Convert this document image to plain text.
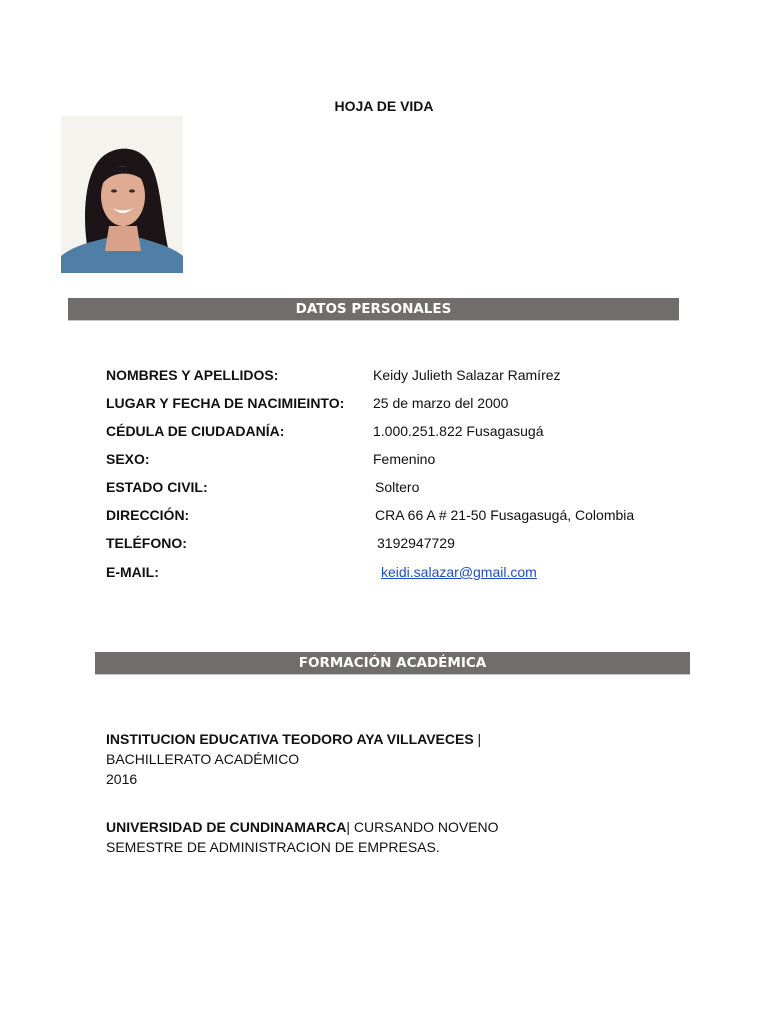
HOJA DE VIDA
DATOS PERSONALES
NOMBRES Y APELLIDOS:	Keidy Julieth Salazar Ramírez
LUGAR Y FECHA DE NACIMIEINTO: 25 de marzo del 2000
CÉDULA DE CIUDADANÍA:	1.000.251.822 Fusagasugá
SEXO:	Femenino
ESTADO CIVIL:	Soltero
DIRECCIÓN:	CRA 66 A # 21-50 Fusagasugá, Colombia
TELÉFONO:	3192947729
E-MAIL:	keidi.salazar@gmail.com
FORMACIÓN ACADÉMICA
INSTITUCION EDUCATIVA TEODORO AYA VILLAVECES |
BACHILLERATO ACADÉMICO
2016
UNIVERSIDAD DE CUNDINAMARCA| CURSANDO NOVENO
SEMESTRE DE ADMINISTRACION DE EMPRESAS.
